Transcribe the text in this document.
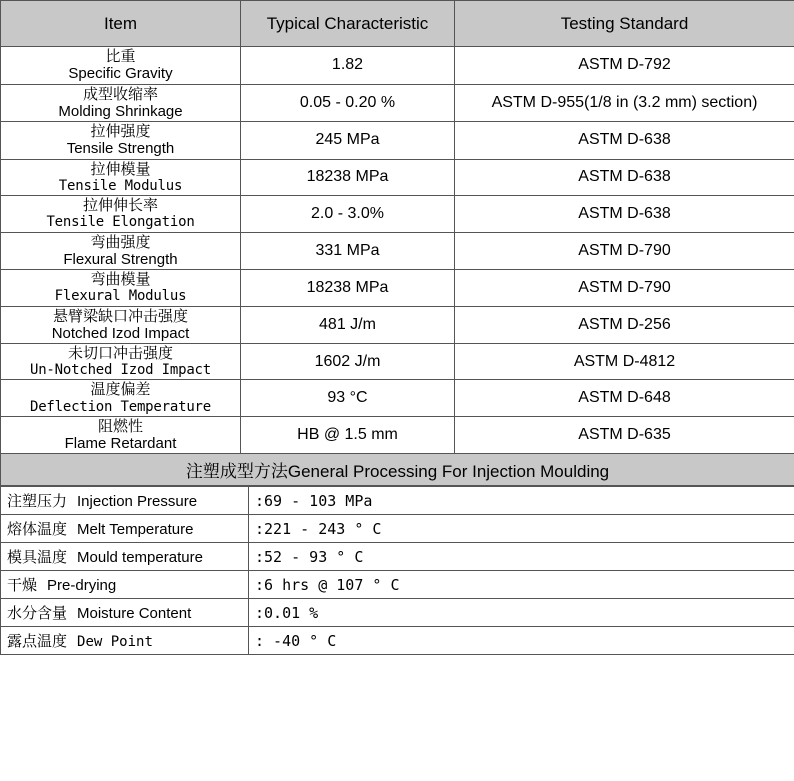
Item	Typical Characteristic	Testing Standard

比重
Specific Gravity	1.82	ASTM D-792

成型收缩率
Molding Shrinkage	0.05 - 0.20 %	ASTM D-955(1/8 in (3.2 mm) section)

拉伸强度
Tensile Strength	245 MPa	ASTM D-638

拉伸模量
Tensile Modulus	18238 MPa	ASTM D-638

拉伸伸长率
Tensile Elongation	2.0 - 3.0%	ASTM D-638

弯曲强度
Flexural Strength	331 MPa	ASTM D-790

弯曲模量
Flexural Modulus	18238 MPa	ASTM D-790

悬臂梁缺口冲击强度
Notched Izod Impact	481 J/m	ASTM D-256

未切口冲击强度
Un-Notched Izod Impact	1602 J/m	ASTM D-4812

温度偏差
Deflection Temperature	93 °C	ASTM D-648

阻燃性
Flame Retardant	HB @ 1.5 mm	ASTM D-635
注塑成型方法General Processing For Injection Moulding		
注塑压力 Injection Pressure	:69 - 103 MPa
熔体温度 Melt Temperature	:221 - 243 ° C
模具温度 Mould temperature	:52 - 93 ° C
干燥 Pre-drying	:6 hrs @ 107 ° C
水分含量 Moisture Content	:0.01 %
露点温度 Dew Point	: -40 ° C
